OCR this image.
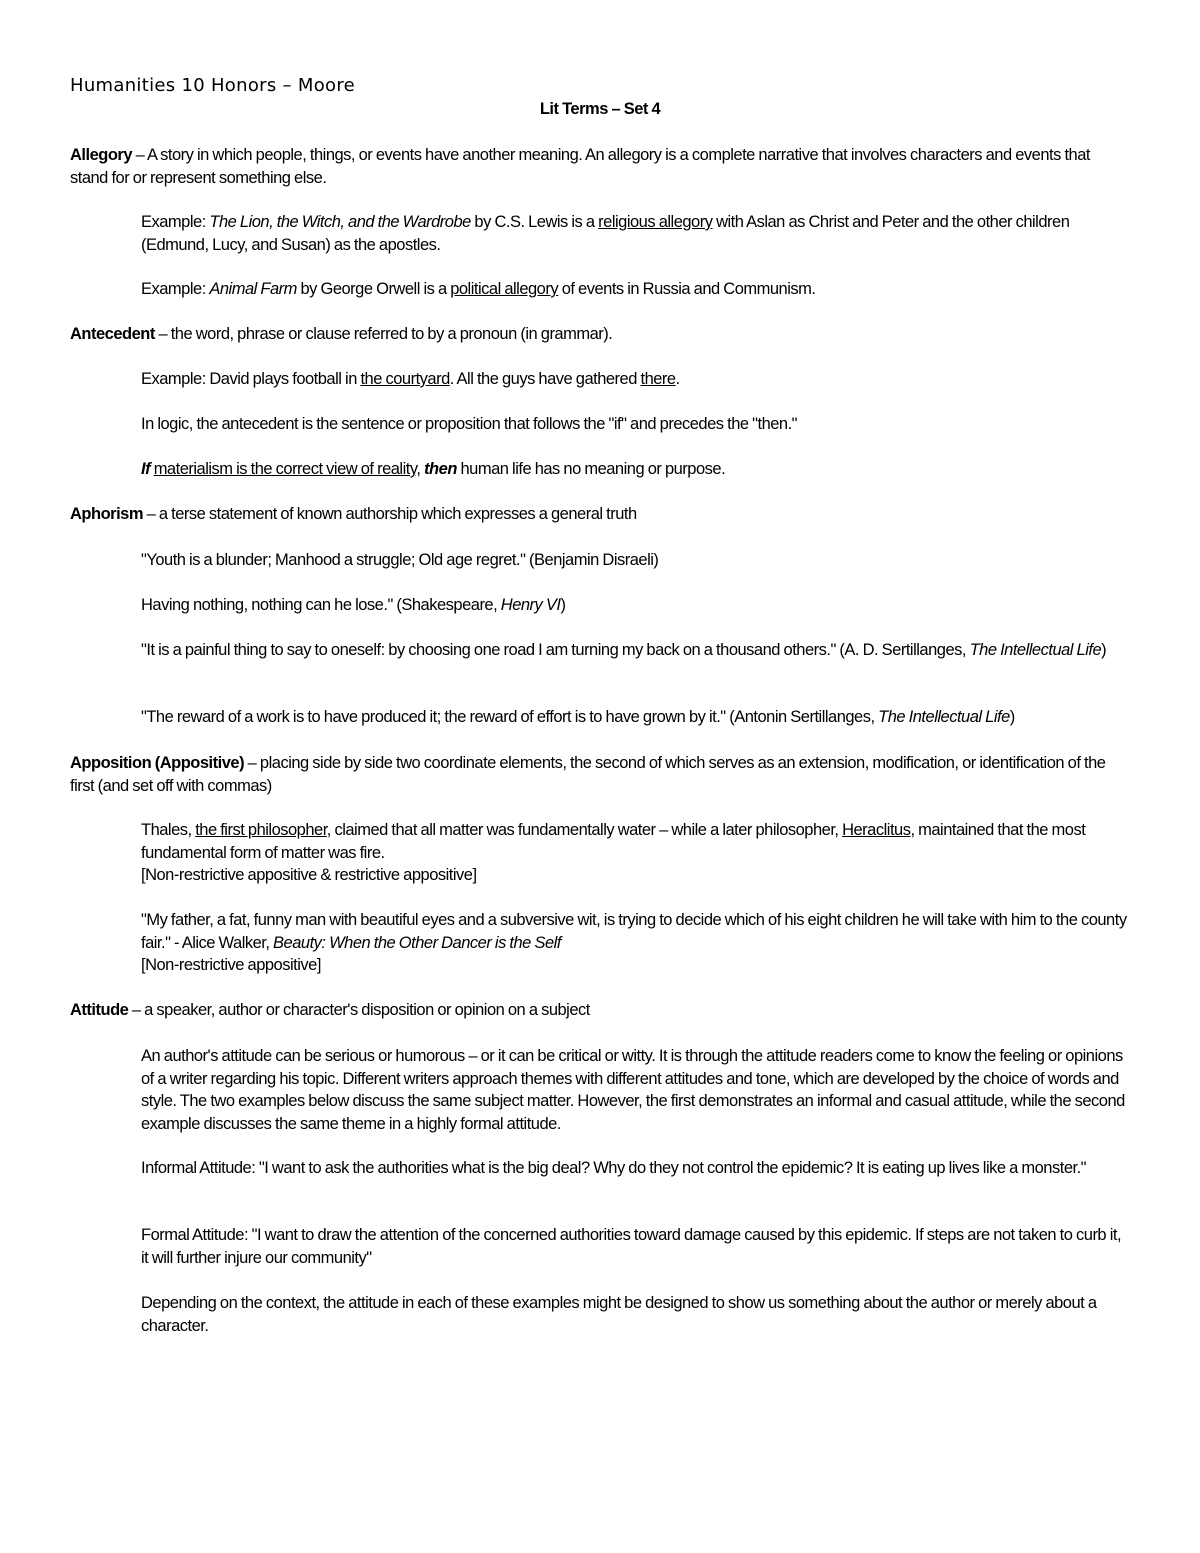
Humanities 10 Honors – Moore
Lit Terms – Set 4
Allegory – A story in which people, things, or events have another meaning. An allegory is a complete narrative that involves characters and events that stand for or represent something else.
Example: The Lion, the Witch, and the Wardrobe by C.S. Lewis is a religious allegory with Aslan as Christ and Peter and the other children (Edmund, Lucy, and Susan) as the apostles.
Example: Animal Farm by George Orwell is a political allegory of events in Russia and Communism.
Antecedent – the word, phrase or clause referred to by a pronoun (in grammar).
Example: David plays football in the courtyard. All the guys have gathered there.
In logic, the antecedent is the sentence or proposition that follows the "if" and precedes the "then."
If materialism is the correct view of reality, then human life has no meaning or purpose.
Aphorism – a terse statement of known authorship which expresses a general truth
"Youth is a blunder; Manhood a struggle; Old age regret." (Benjamin Disraeli)
Having nothing, nothing can he lose." (Shakespeare, Henry VI)
"It is a painful thing to say to oneself: by choosing one road I am turning my back on a thousand others." (A. D. Sertillanges, The Intellectual Life)
"The reward of a work is to have produced it; the reward of effort is to have grown by it." (Antonin Sertillanges, The Intellectual Life)
Apposition (Appositive) – placing side by side two coordinate elements, the second of which serves as an extension, modification, or identification of the first (and set off with commas)
Thales, the first philosopher, claimed that all matter was fundamentally water – while a later philosopher, Heraclitus, maintained that the most fundamental form of matter was fire.
[Non-restrictive appositive & restrictive appositive]
"My father, a fat, funny man with beautiful eyes and a subversive wit, is trying to decide which of his eight children he will take with him to the county fair." - Alice Walker, Beauty: When the Other Dancer is the Self
[Non-restrictive appositive]
Attitude – a speaker, author or character's disposition or opinion on a subject
An author's attitude can be serious or humorous – or it can be critical or witty. It is through the attitude readers come to know the feeling or opinions of a writer regarding his topic. Different writers approach themes with different attitudes and tone, which are developed by the choice of words and style. The two examples below discuss the same subject matter. However, the first demonstrates an informal and casual attitude, while the second example discusses the same theme in a highly formal attitude.
Informal Attitude: "I want to ask the authorities what is the big deal? Why do they not control the epidemic? It is eating up lives like a monster."
Formal Attitude: "I want to draw the attention of the concerned authorities toward damage caused by this epidemic. If steps are not taken to curb it, it will further injure our community"
Depending on the context, the attitude in each of these examples might be designed to show us something about the author or merely about a character.
